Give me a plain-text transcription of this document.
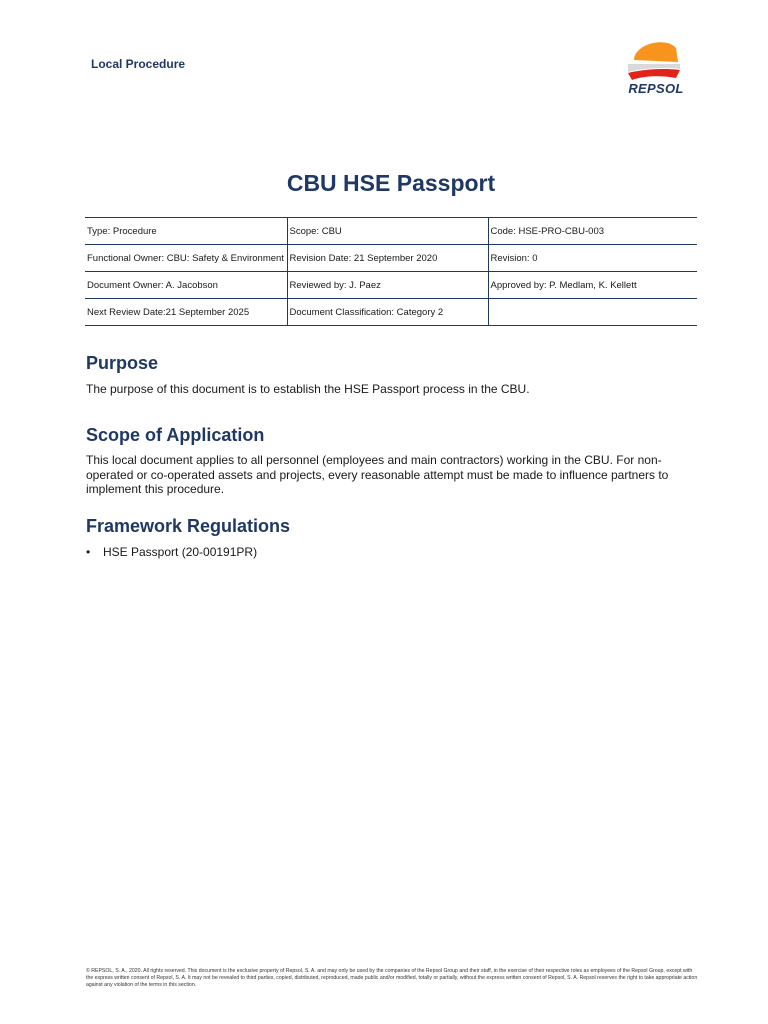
Local Procedure
REPSOL
CBU HSE Passport
Type: Procedure	Scope: CBU	Code: HSE-PRO-CBU-003
Functional Owner: CBU: Safety & Environment	Revision Date: 21 September 2020	Revision: 0
Document Owner: A. Jacobson	Reviewed by: J. Paez	Approved by: P. Medlam, K. Kellett
Next Review Date:21 September 2025	Document Classification: Category 2	
Purpose
The purpose of this document is to establish the HSE Passport process in the CBU.
Scope of Application
This local document applies to all personnel (employees and main contractors) working in the CBU. For non-operated or co-operated assets and projects, every reasonable attempt must be made to influence partners to implement this procedure.
Framework Regulations
• HSE Passport (20-00191PR)
© REPSOL, S. A., 2020. All rights reserved. This document is the exclusive property of Repsol, S. A. and may only be used by the companies of the Repsol Group and their staff, in the exercise of their respective roles as employees of the Repsol Group, except with the express written consent of Repsol, S. A. It may not be revealed to third parties, copied, distributed, reproduced, made public and/or modified, totally or partially, without the express written consent of Repsol, S. A. Repsol reserves the right to take appropriate action against any violation of the terms in this section.
